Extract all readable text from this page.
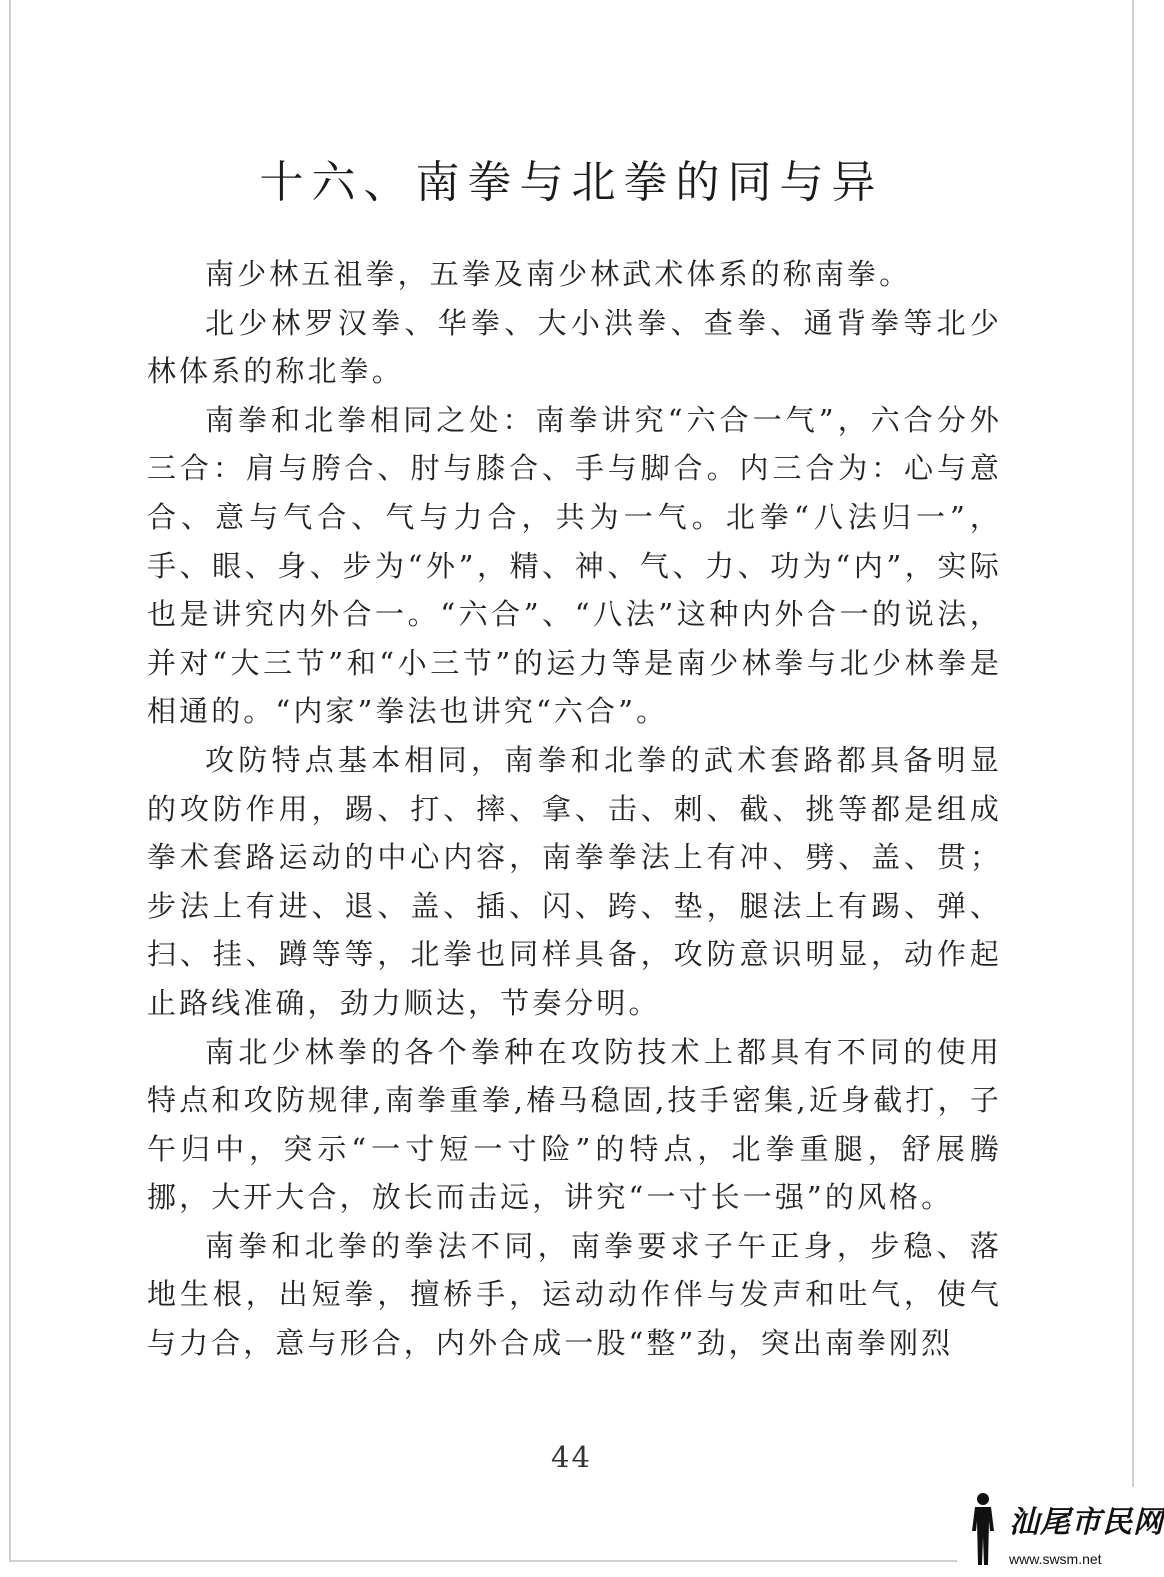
十六、南拳与北拳的同与异

南少林五祖拳，五拳及南少林武术体系的称南拳。

北少林罗汉拳、华拳、大小洪拳、查拳、通背拳等北少林体系的称北拳。

南拳和北拳相同之处：南拳讲究“六合一气”，六合分外三合：肩与胯合、肘与膝合、手与脚合。内三合为：心与意合、意与气合、气与力合，共为一气。北拳“八法归一”，手、眼、身、步为“外”，精、神、气、力、功为“内”，实际也是讲究内外合一。“六合”、“八法”这种内外合一的说法，并对“大三节”和“小三节”的运力等是南少林拳与北少林拳是相通的。“内家”拳法也讲究“六合”。

攻防特点基本相同，南拳和北拳的武术套路都具备明显的攻防作用，踢、打、摔、拿、击、刺、截、挑等都是组成拳术套路运动的中心内容，南拳拳法上有冲、劈、盖、贯；步法上有进、退、盖、插、闪、跨、垫，腿法上有踢、弹、扫、挂、蹲等等，北拳也同样具备，攻防意识明显，动作起止路线准确，劲力顺达，节奏分明。

南北少林拳的各个拳种在攻防技术上都具有不同的使用特点和攻防规律,南拳重拳,椿马稳固,技手密集,近身截打，子午归中，突示“一寸短一寸险”的特点，北拳重腿，舒展腾挪，大开大合，放长而击远，讲究“一寸长一强”的风格。

南拳和北拳的拳法不同，南拳要求子午正身，步稳、落地生根，出短拳，擅桥手，运动动作伴与发声和吐气，使气与力合，意与形合，内外合成一股“整”劲，突出南拳刚烈

44
汕尾市民网
www.swsm.net
